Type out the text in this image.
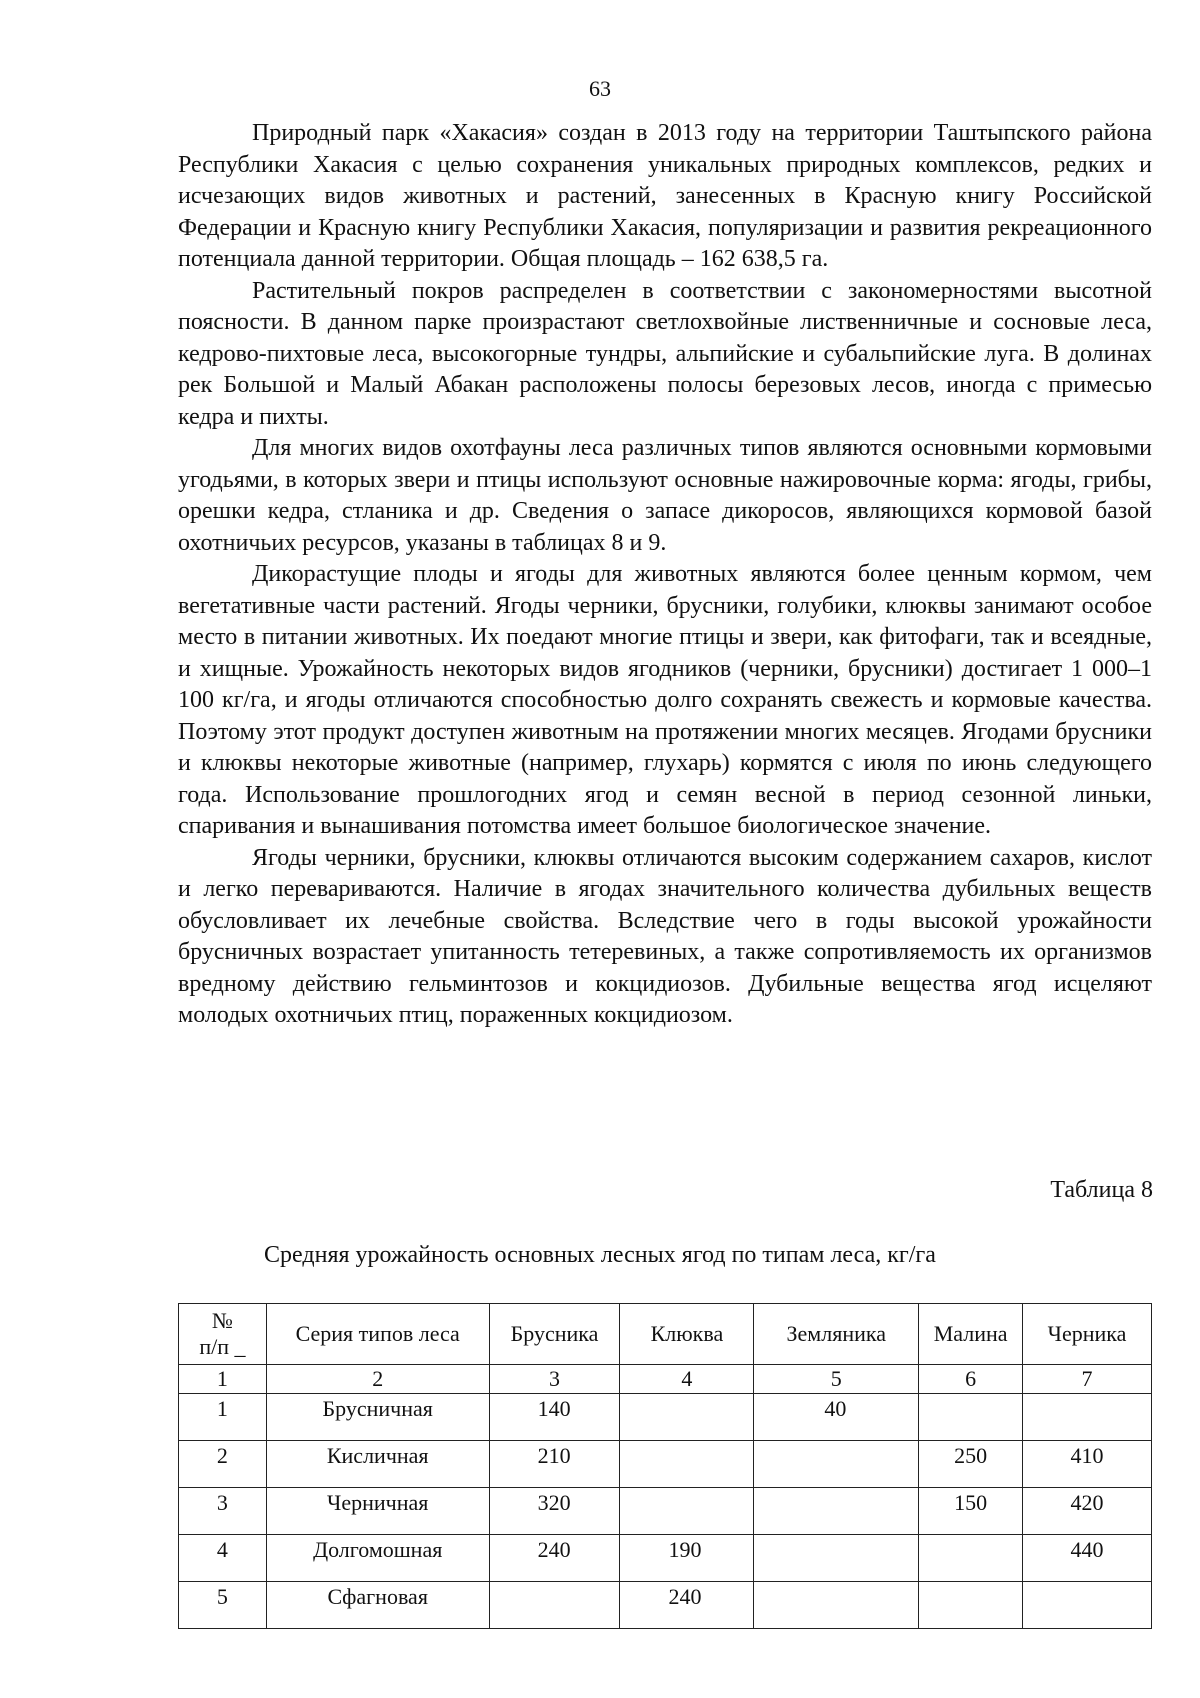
63

Природный парк «Хакасия» создан в 2013 году на территории Таштыпского района Республики Хакасия с целью сохранения уникальных природных комплексов, редких и исчезающих видов животных и растений, занесенных в Красную книгу Российской Федерации и Красную книгу Республики Хакасия, популяризации и развития рекреационного потенциала данной территории. Общая площадь – 162 638,5 га.

Растительный покров распределен в соответствии с закономерностями высотной поясности. В данном парке произрастают светлохвойные лиственничные и сосновые леса, кедрово-пихтовые леса, высокогорные тундры, альпийские и субальпийские луга. В долинах рек Большой и Малый Абакан расположены полосы березовых лесов, иногда с примесью кедра и пихты.

Для многих видов охотфауны леса различных типов являются основными кормовыми угодьями, в которых звери и птицы используют основные нажировочные корма: ягоды, грибы, орешки кедра, стланика и др. Сведения о запасе дикоросов, являющихся кормовой базой охотничьих ресурсов, указаны в таблицах 8 и 9.

Дикорастущие плоды и ягоды для животных являются более ценным кормом, чем вегетативные части растений. Ягоды черники, брусники, голубики, клюквы занимают особое место в питании животных. Их поедают многие птицы и звери, как фитофаги, так и всеядные, и хищные. Урожайность некоторых видов ягодников (черники, брусники) достигает 1 000–1 100 кг/га, и ягоды отличаются способностью долго сохранять свежесть и кормовые качества. Поэтому этот продукт доступен животным на протяжении многих месяцев. Ягодами брусники и клюквы некоторые животные (например, глухарь) кормятся с июля по июнь следующего года. Использование прошлогодних ягод и семян весной в период сезонной линьки, спаривания и вынашивания потомства имеет большое биологическое значение.

Ягоды черники, брусники, клюквы отличаются высоким содержанием сахаров, кислот и легко перевариваются. Наличие в ягодах значительного количества дубильных веществ обусловливает их лечебные свойства. Вследствие чего в годы высокой урожайности брусничных возрастает упитанность тетеревиных, а также сопротивляемость их организмов вредному действию гельминтозов и кокцидиозов. Дубильные вещества ягод исцеляют молодых охотничьих птиц, пораженных кокцидиозом.

Таблица 8
Средняя урожайность основных лесных ягод по типам леса, кг/га
№
п/п _	Серия типов леса	Брусника	Клюква	Земляника	Малина	Черника
1	2	3	4	5	6	7
1	Брусничная	140		40		
2	Кисличная	210			250	410
3	Черничная	320			150	420
4	Долгомошная	240	190			440
5	Сфагновая		240			
